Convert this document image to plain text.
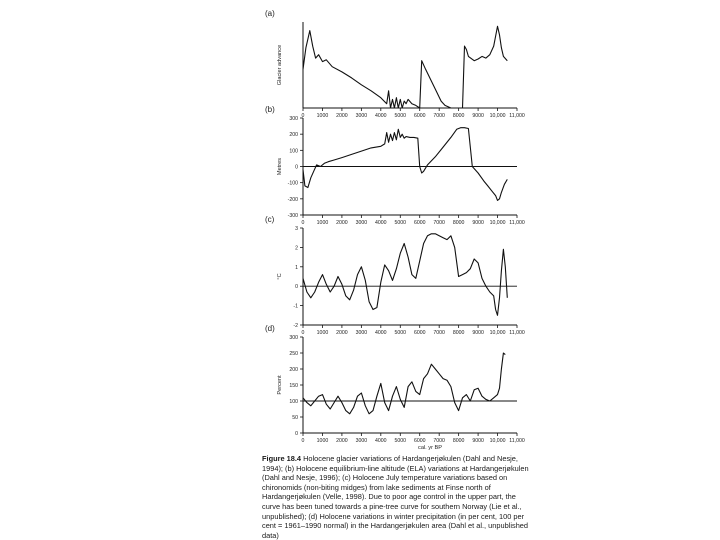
(a)
0 1000 2000 3000 4000 5000 6000 7000 8000 9000 10,000 11,000
Glacier advance
(b)
0 1000 2000 3000 4000 5000 6000 7000 8000 9000 10,000 11,000
300
200
100
0
-100
-200
-300
Metres
(c)
0 1000 2000 3000 4000 5000 6000 7000 8000 9000 10,000 11,000
3
2
1
0
-1
-2
°C
(d)
0 1000 2000 3000 4000 5000 6000 7000 8000 9000 10,000 11,000
300
250
200
150
100
50
0
Percent
cal. yr BP

Figure 18.4 Holocene glacier variations of Hardangerjøkulen (Dahl and Nesje, 1994); (b) Holocene equilibrium-line altitude (ELA) variations at Hardangerjøkulen (Dahl and Nesje, 1996); (c) Holocene July temperature variations based on chironomids (non-biting midges) from lake sediments at Finse north of Hardangerjøkulen (Velle, 1998). Due to poor age control in the upper part, the curve has been tuned towards a pine-tree curve for southern Norway (Lie et al., unpublished); (d) Holocene variations in winter precipitation (in per cent, 100 per cent = 1961–1990 normal) in the Hardangerjøkulen area (Dahl et al., unpublished data)
